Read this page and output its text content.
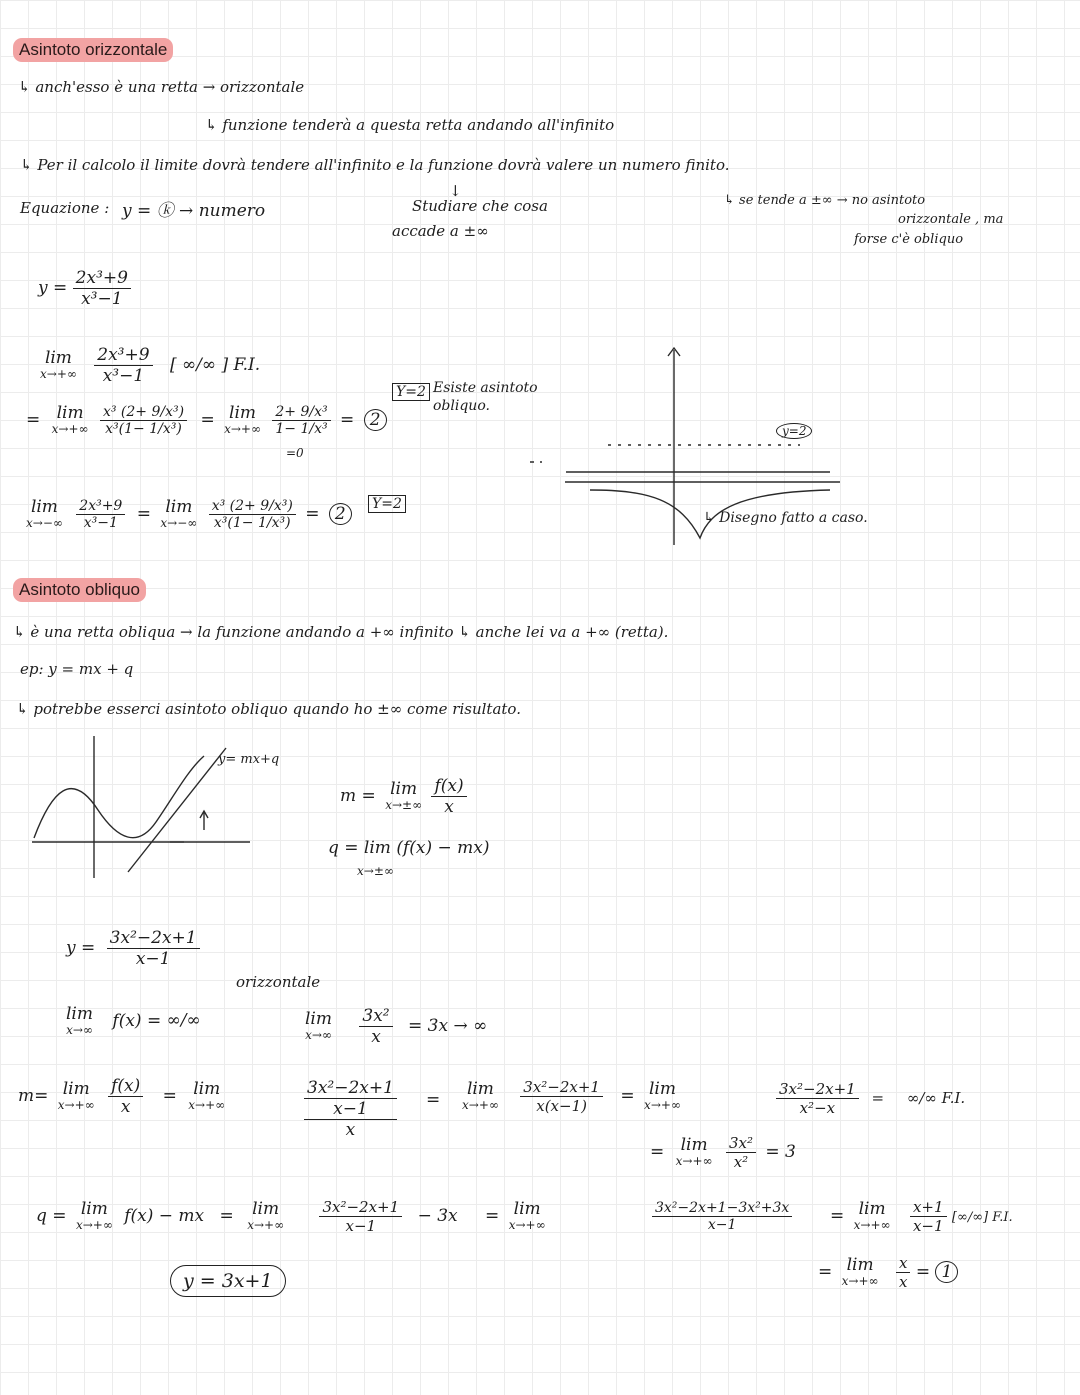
Asintoto orizzontale
↳ anch'esso è una retta → orizzontale
↳ funzione tenderà a questa retta andando all'infinito
↳ Per il calcolo il limite dovrà tendere all'infinito e la funzione dovrà valere un numero finito.
Equazione : y = ⓚ → numero
↓
Studiare che cosa
accade a ±∞
↳ se tende a ±∞ → no asintoto
orizzontale , ma
forse c'è obliquo
$y = \frac{\text{2x³+9}}{\text{x³−1}}$
lim
x→+∞
$\frac{\text{2x³+9}}{\text{x³−1}}$ [ ∞/∞ ] F.I.
= lim
x→+∞
$\frac{\text{x³ (2+ 9/x³)}}{\text{x³(1− 1/x³)}} = \lim$
x→+∞
$\frac{\text{2+ 9/x³}}{\text{1− 1/x³}} = 2$
=0
lim
x→−∞
$\frac{\text{2x³+9}}{\text{x³−1}} = \lim$
x→−∞
$\frac{\text{x³ (2+ 9/x³)}}{\text{x³(1− 1/x³)}} = 2$
Y=2 Esiste asintoto
obliquo.
Y=2
y=2
↳ Disegno fatto a caso.
Asintoto obliquo
↳ è una retta obliqua → la funzione andando a +∞ infinito ↳ anche lei va a +∞ (retta).
ep: y = mx + q
↳ potrebbe esserci asintoto obliquo quando ho ±∞ come risultato.
y= mx+q
m = lim
x→±∞
$\frac{f(x)}{x}$
q = lim (f(x) − mx)
x→±∞
$y = \frac{\text{3x²−2x+1}}{x-1}$
orizzontale
lim
x→∞ f(x) = ∞/∞	lim
x→∞
$\frac{\text{3x²}}{x} = 3x$ → ∞
m= lim
x→+∞
$\frac{f(x)}{x} = \lim$
x→+∞
3x²−2x+1
x−1
x
=
lim
x→+∞
$\frac{\text{3x²−2x+1}}{x(x-1)} = \lim$
x→+∞	$\frac{\text{3x²−2x+1}}{\text{x²−x}}$ = ∞/∞ F.I.
= lim
x→+∞
$\frac{\text{3x²}}{\text{x²}} = 3$
q = lim
x→+∞ f(x) − mx = lim
x→+∞
$\frac{\text{3x²−2x+1}}{x-1} - 3x = \lim$
x→+∞	$\frac{\text{3x²−2x+1−3x²+3x}}{x-1} = \lim$
x→+∞
$\frac{x+1}{x-1}$ [∞/∞] F.I.
= lim
x→+∞
$\frac{x}{x} = 1$
y = 3x+1
